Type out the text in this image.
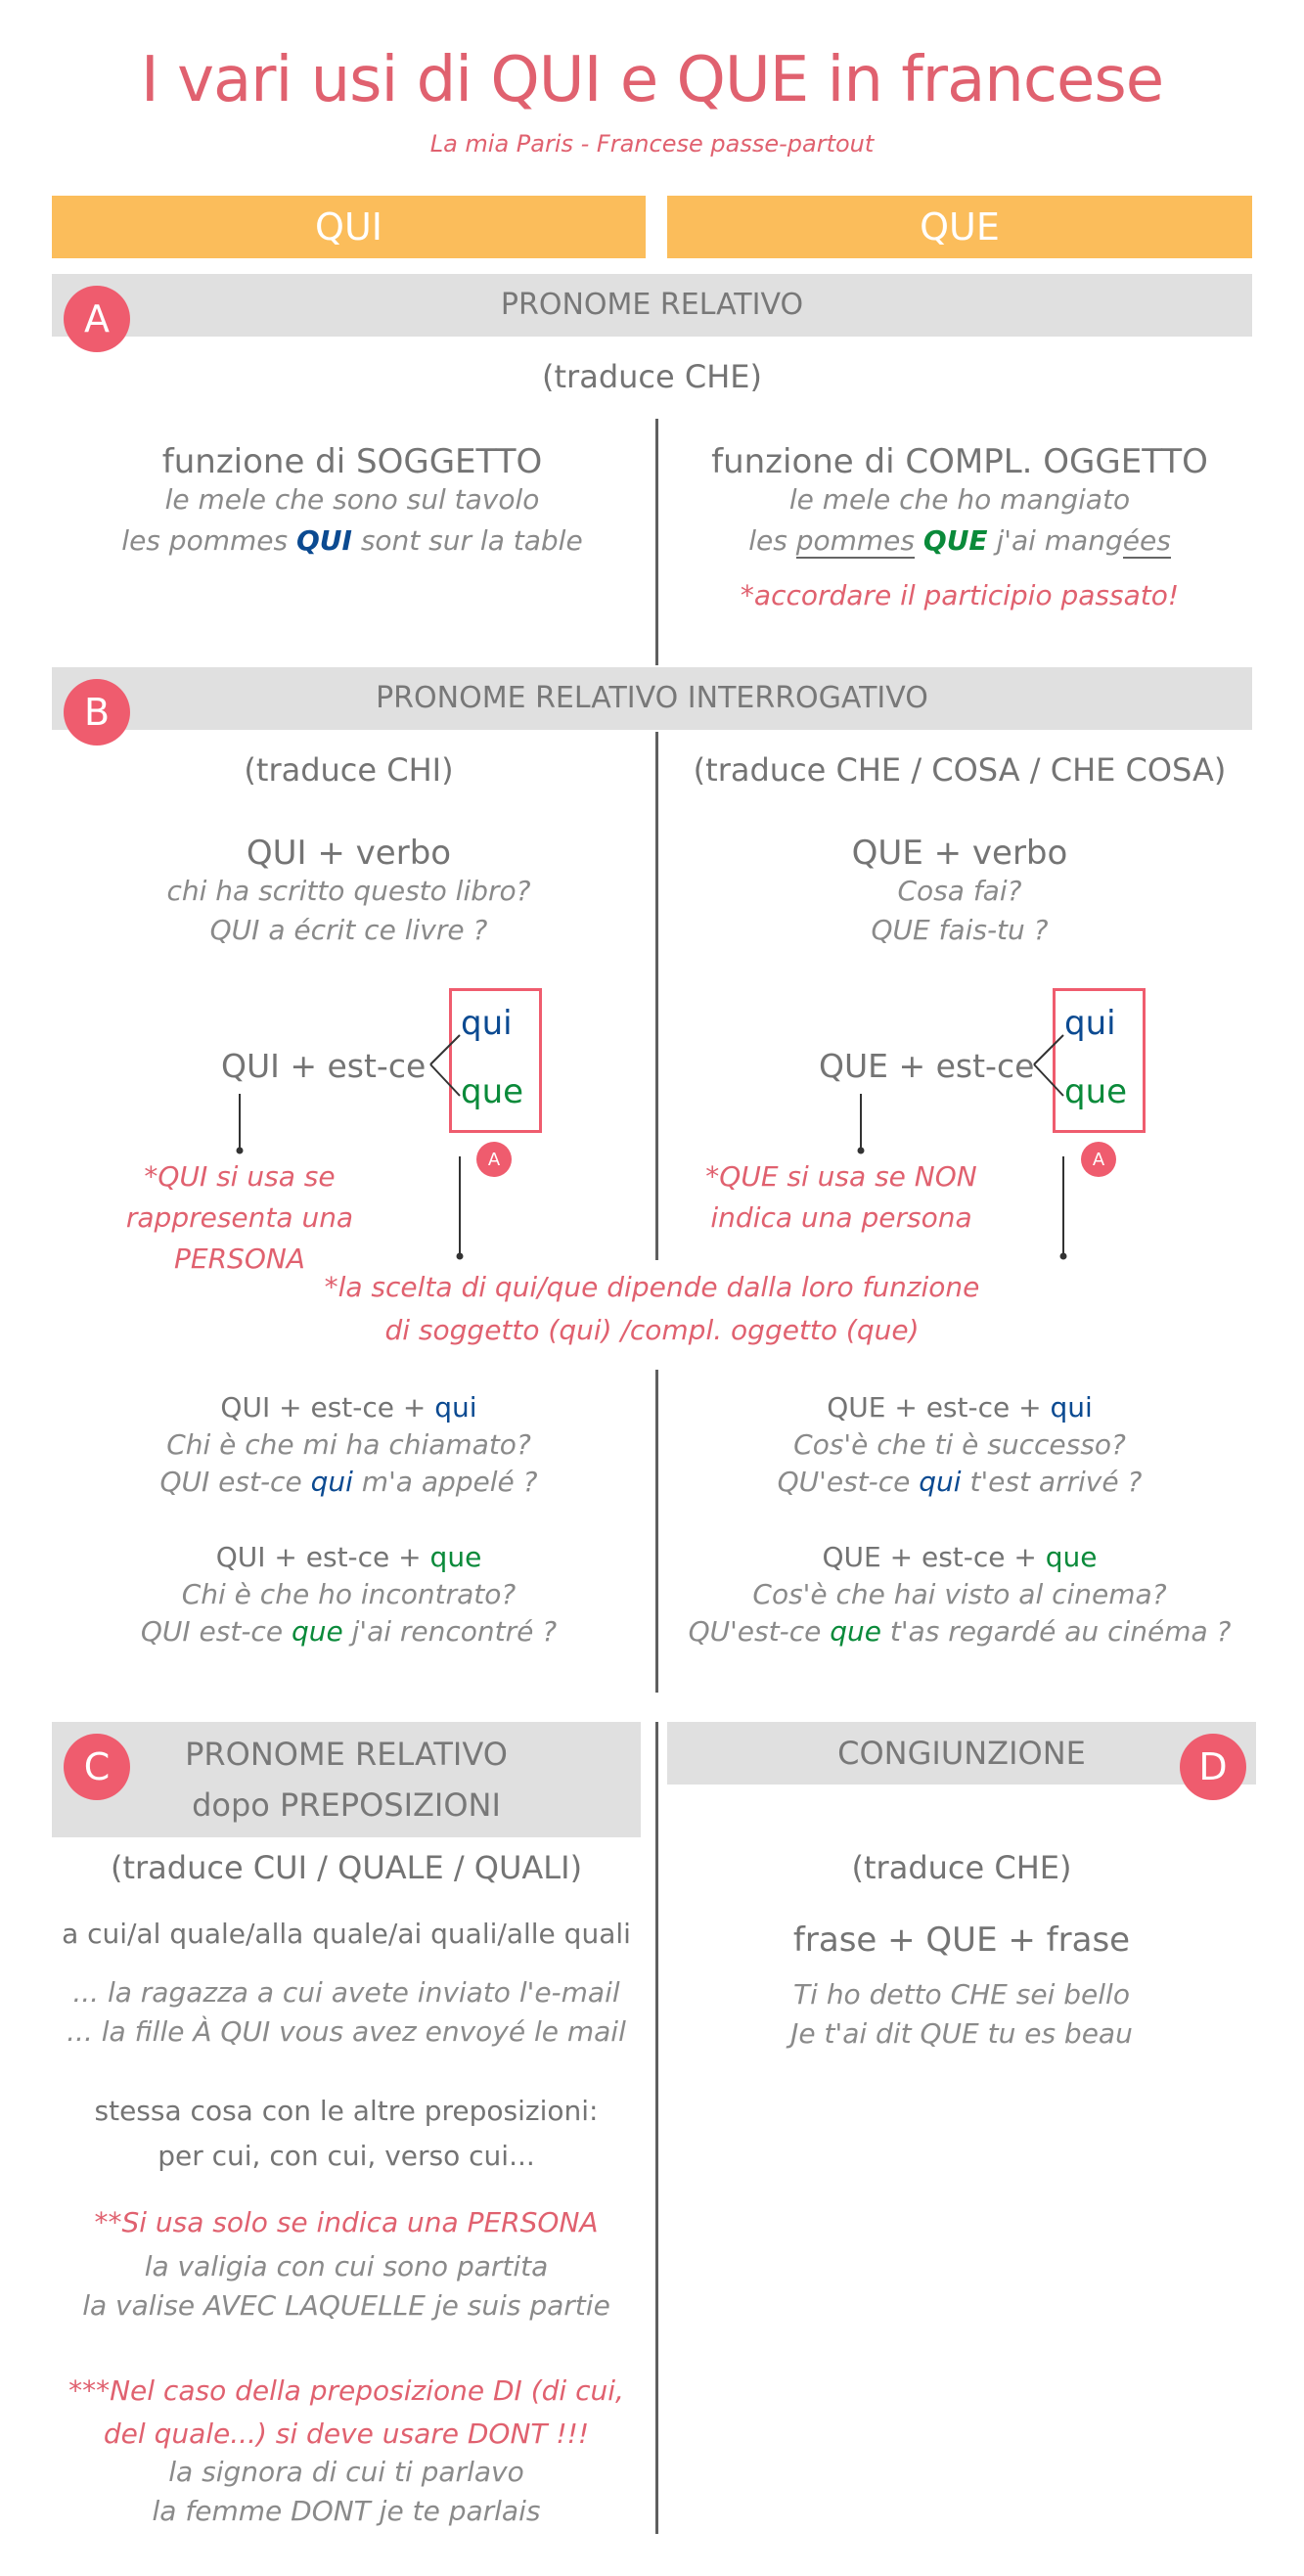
I vari usi di QUI e QUE in francese
La mia Paris - Francese passe-partout
QUI	QUE
PRONOME RELATIVO
A
(traduce CHE)
funzione di SOGGETTO
le mele che sono sul tavolo
les pommes QUI sont sur la table
funzione di COMPL. OGGETTO
le mele che ho mangiato
les pommes QUE j'ai mangées
*accordare il participio passato!
PRONOME RELATIVO INTERROGATIVO
B
(traduce CHI)	(traduce CHE / COSA / CHE COSA)
QUI + verbo
chi ha scritto questo libro?
QUI a écrit ce livre ?
QUE + verbo
Cosa fai?
QUE fais-tu ?
QUI + est-ce
qui
que
A
*QUI si usa se
rappresenta una
PERSONA
QUE + est-ce
qui
que
A
*QUE si usa se NON
indica una persona
*la scelta di qui/que dipende dalla loro funzione
di soggetto (qui) /compl. oggetto (que)
QUI + est-ce + qui
Chi è che mi ha chiamato?
QUI est-ce qui m'a appelé ?
QUI + est-ce + que
Chi è che ho incontrato?
QUI est-ce que j'ai rencontré ?
QUE + est-ce + qui
Cos'è che ti è successo?
QU'est-ce qui t'est arrivé ?
QUE + est-ce + que
Cos'è che hai visto al cinema?
QU'est-ce que t'as regardé au cinéma ?
PRONOME RELATIVO
dopo PREPOSIZIONI
C
(traduce CUI / QUALE / QUALI)
a cui/al quale/alla quale/ai quali/alle quali
... la ragazza a cui avete inviato l'e-mail
... la fille À QUI vous avez envoyé le mail
stessa cosa con le altre preposizioni:
per cui, con cui, verso cui...
**Si usa solo se indica una PERSONA
la valigia con cui sono partita
la valise AVEC LAQUELLE je suis partie
***Nel caso della preposizione DI (di cui,
del quale...) si deve usare DONT !!!
la signora di cui ti parlavo
la femme DONT je te parlais
CONGIUNZIONE	D
(traduce CHE)
frase + QUE + frase
Ti ho detto CHE sei bello
Je t'ai dit QUE tu es beau
